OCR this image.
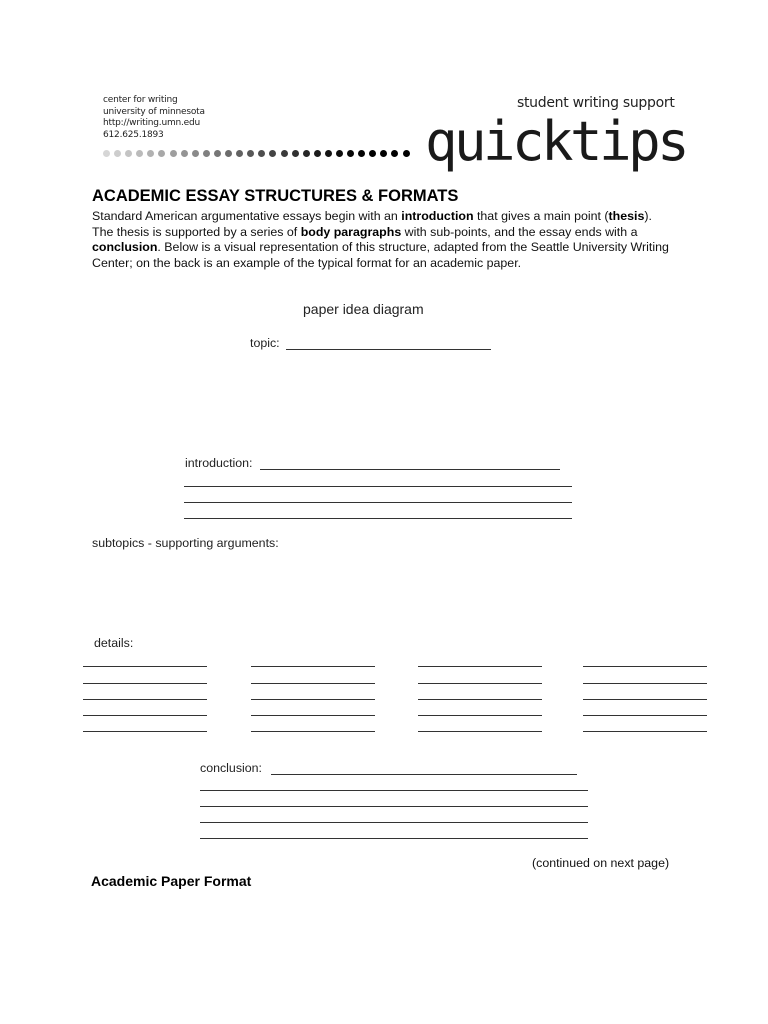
center for writing
university of minnesota
http://writing.umn.edu
612.625.1893
student writing support
quicktips
ACADEMIC ESSAY STRUCTURES & FORMATS
Standard American argumentative essays begin with an introduction that gives a main point (thesis). The thesis is supported by a series of body paragraphs with sub-points, and the essay ends with a conclusion. Below is a visual representation of this structure, adapted from the Seattle University Writing Center; on the back is an example of the typical format for an academic paper.
paper idea diagram
topic:
introduction:
subtopics - supporting arguments:
details:
conclusion:
(continued on next page)
Academic Paper Format
